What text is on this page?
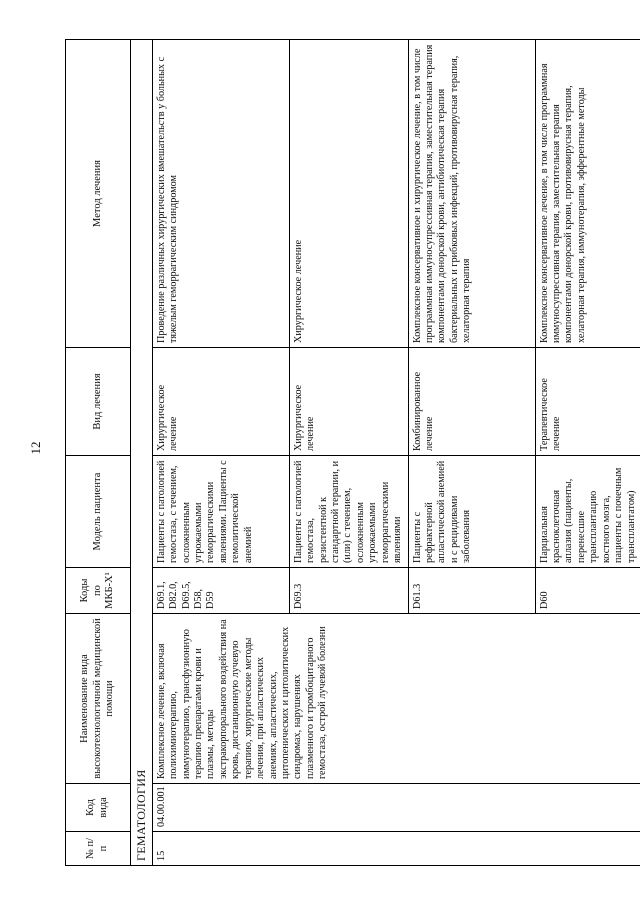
12
№ п/п	Код вида	Наименование вида высокотехнологичной медицинской помощи	Коды по МКБ-Х¹	Модель пациента	Вид лечения	Метод лечения
ГЕМАТОЛОГИЯ						
15	04.00.001	Комплексное лечение, включая полихимиотерапию, иммунотерапию, трансфузионную терапию препаратами крови и плазмы, методы экстракорпорального воздействия на кровь, дистанционную лучевую терапию, хирургические методы лечения, при апластических анемиях, апластических, цитопенических и цитолитических синдромах, нарушениях плазменного и тромбоцитарного гемостаза, острой лучевой болезни	D69.1, D82.0, D69.5, D58, D59	Пациенты с патологией гемостаза, с течением, осложненным угрожаемыми геморрагическими явлениями. Пациенты с гемолитической анемией	Хирургическое лечение	Проведение различных хирургических вмешательств у больных с тяжелым геморрагическим синдромом
			D69.3	Пациенты с патологией гемостаза, резистентной к стандартной терапии, и (или) с течением, осложненным угрожаемыми геморрагическими явлениями	Хирургическое лечение	Хирургическое лечение
			D61.3	Пациенты с рефрактерной апластической анемией и с рецидивами заболевания	Комбинированное лечение	Комплексное консервативное и хирургическое лечение, в том числе программная иммуносупрессивная терапия, заместительная терапия компонентами донорской крови, антибиотическая терапия бактериальных и грибковых инфекций, противовирусная терапия, хелаторная терапия
			D60	Парциальная красноклеточная аплазия (пациенты, перенесшие трансплантацию костного мозга, пациенты с почечным трансплантатом)	Терапевтическое лечение	Комплексное консервативное лечение, в том числе программная иммуносупрессивная терапия, заместительная терапия компонентами донорской крови, противовирусная терапия, хелаторная терапия, иммунотерапия, эфферентные методы
